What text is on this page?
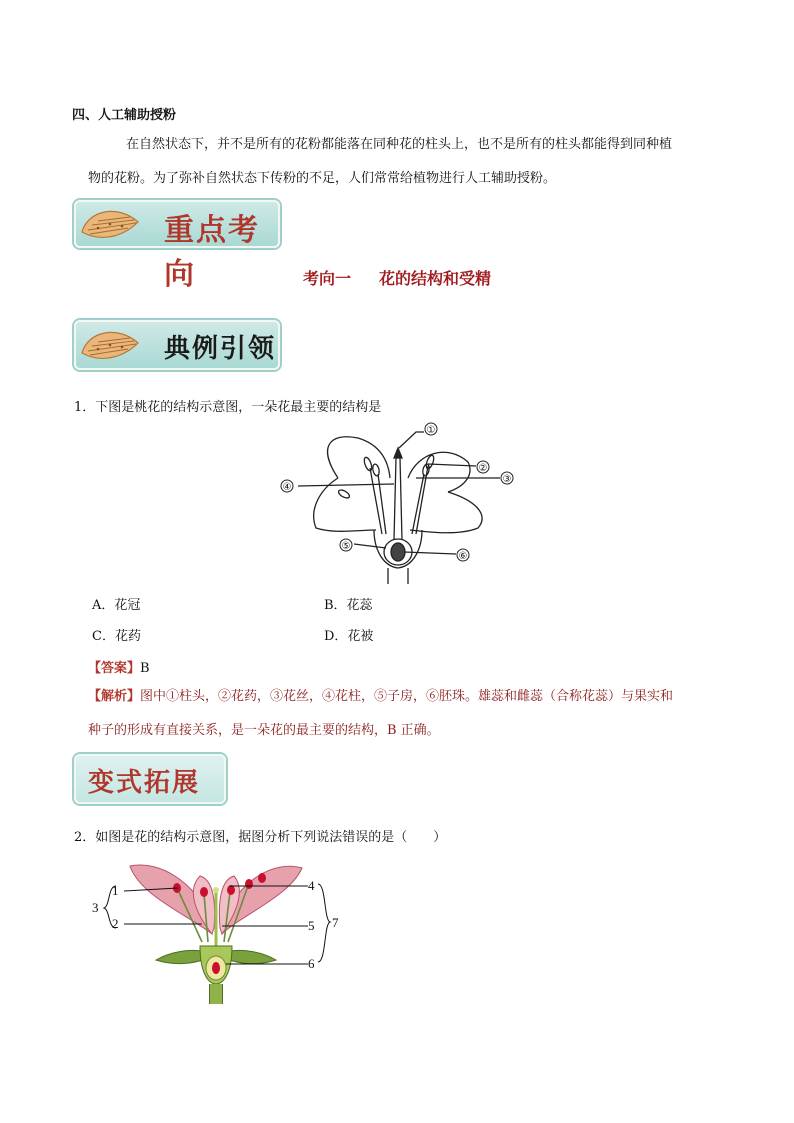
四、人工辅助授粉
在自然状态下，并不是所有的花粉都能落在同种花的柱头上，也不是所有的柱头都能得到同种植
物的花粉。为了弥补自然状态下传粉的不足，人们常常给植物进行人工辅助授粉。
重点考向	考向一 花的结构和受精
典例引领
1．下图是桃花的结构示意图，一朵花最主要的结构是
①
②
③
④
⑤
⑥
A．花冠	B．花蕊
C．花药	D．花被
【答案】B
【解析】图中①柱头，②花药，③花丝，④花柱，⑤子房，⑥胚珠。雄蕊和雌蕊（合称花蕊）与果实和
种子的形成有直接关系，是一朵花的最主要的结构，B 正确。
变式拓展
2．如图是花的结构示意图，据图分析下列说法错误的是（　　）
1
2
3
4
5
6
7
